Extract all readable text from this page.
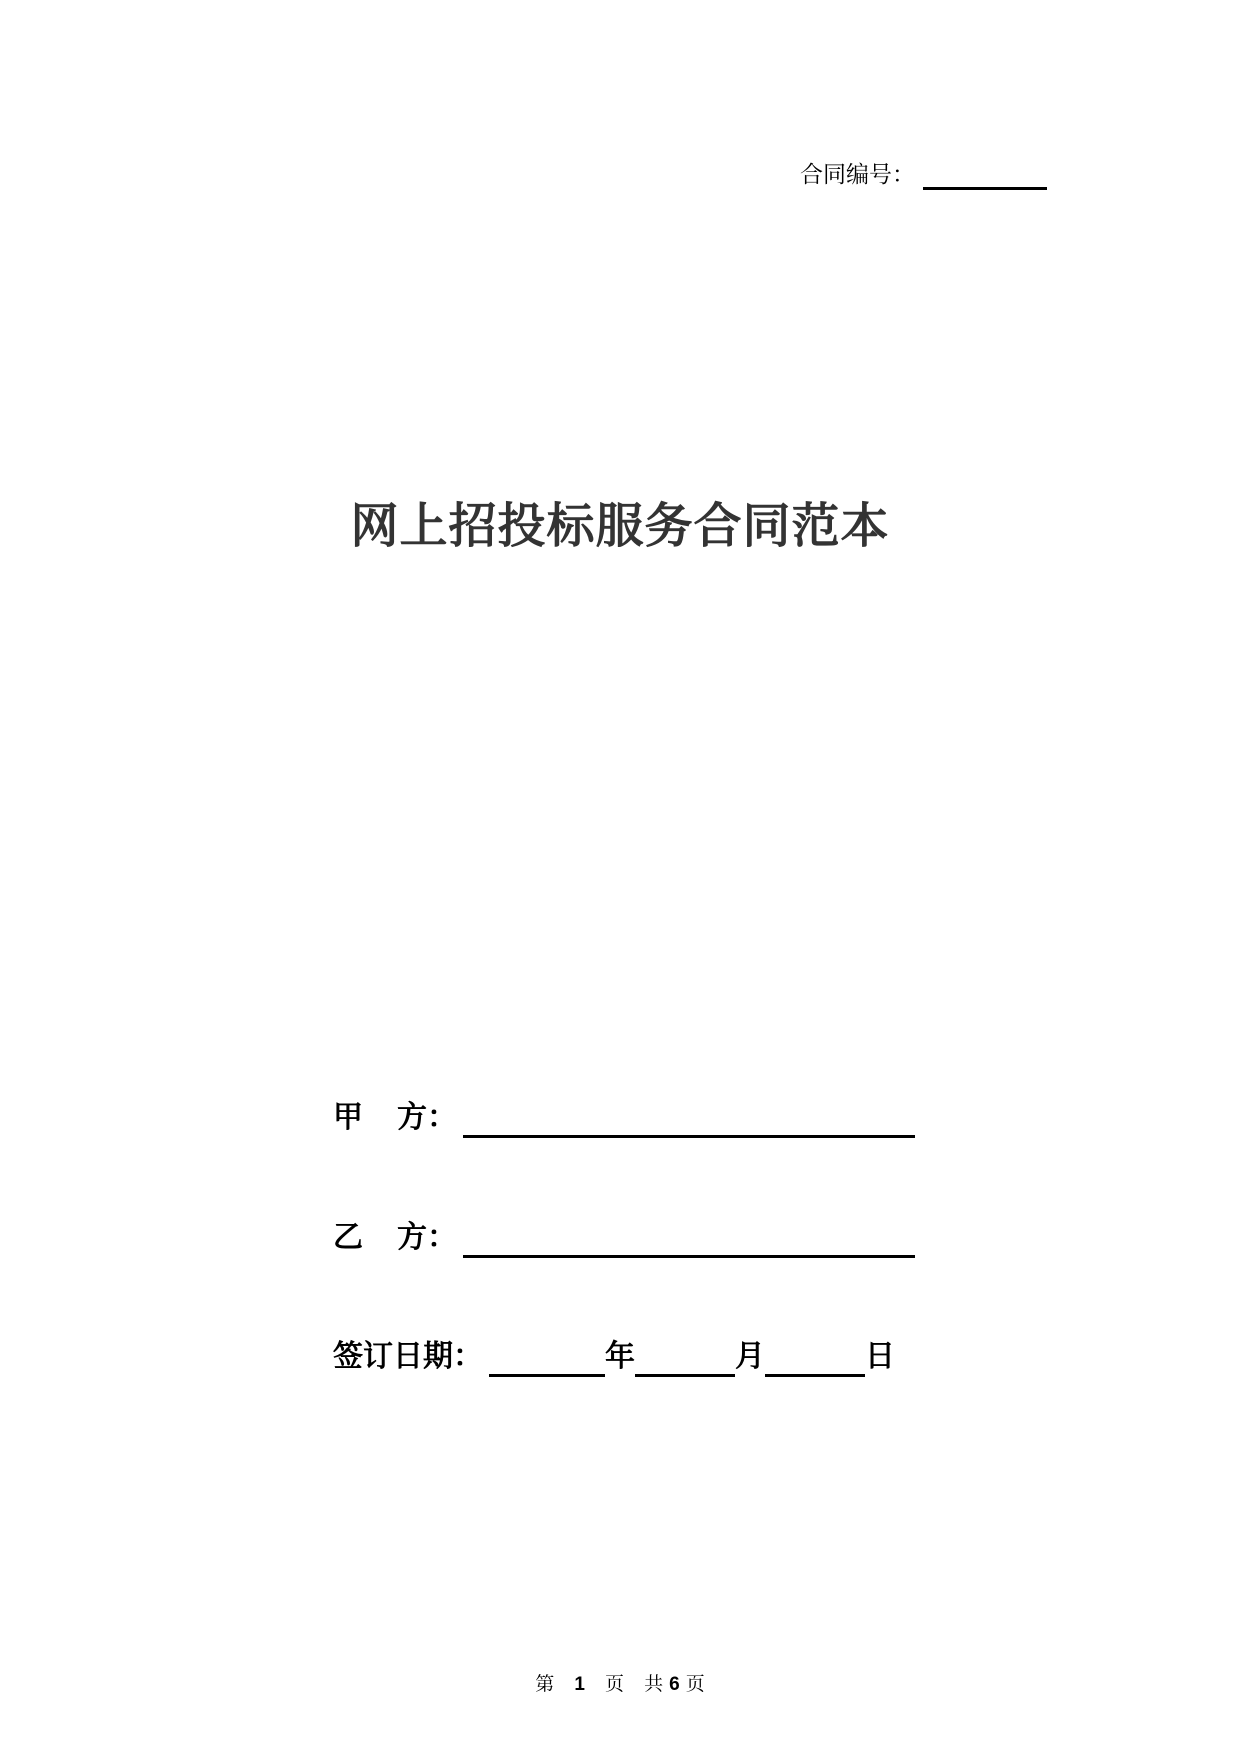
合同编号：
网上招投标服务合同范本
甲	方：
乙	方：
签订日期：	年	月	日
第 1 页 共 6 页
